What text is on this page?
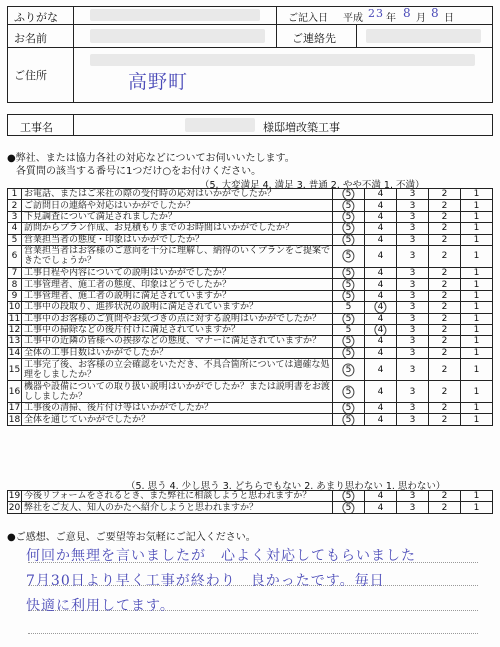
ふりがな	ご記入日 平成 23 年 8 月 8 日
お名前	ご連絡先
ご住所	高野町
工事名	様邸増改築工事
●弊社、または協力各社の対応などについてお伺いいたします。
各質問の該当する番号に1つだけ○をお付けください。
（5. 大変満足 4. 満足 3. 普通 2. やや不満 1. 不満）
1	お電話、またはご来社の際の受付時の応対はいかがでしたか？	5	4	3	2	1
2	ご訪問日の連絡や対応はいかがでしたか？	5	4	3	2	1
3	下見調査について満足されましたか？	5	4	3	2	1
4	訪問からプラン作成、お見積もりまでのお時間はいかがでしたか？	5	4	3	2	1
5	営業担当者の態度・印象はいかがでしたか？	5	4	3	2	1
6	営業担当者はお客様のご意向を十分に理解し、納得のいくプランをご提案できたでしょうか？	5	4	3	2	1
7	工事日程や内容についての説明はいかがでしたか？	5	4	3	2	1
8	工事管理者、施工者の態度、印象はどうでしたか？	5	4	3	2	1
9	工事管理者、施工者の説明に満足されていますか？	5	4	3	2	1
10	工事中の段取り、進捗状況の説明に満足されていますか？	5	4	3	2	1
11	工事中のお客様のご質問やお気づきの点に対する説明はいかがでしたか？	5	4	3	2	1
12	工事中の掃除などの後片付けに満足されていますか？	5	4	3	2	1
13	工事中の近隣の皆様への挨拶などの態度、マナーに満足されていますか？	5	4	3	2	1
14	全体の工事日数はいかがでしたか？	5	4	3	2	1
15	工事完了後、お客様の立会確認をいただき、不具合箇所については適確な処理をしましたか？	5	4	3	2	1
16	機器や設備についての取り扱い説明はいかがでしたか？または説明書をお渡ししましたか？	5	4	3	2	1
17	工事後の清掃、後片付け等はいかがでしたか？	5	4	3	2	1
18	全体を通じていかがでしたか？	5	4	3	2	1
（5. 思う 4. 少し思う 3. どちらでもない 2. あまり思わない 1. 思わない）
19	今後リフォームをされるとき、また弊社に相談しようと思われますか？	5	4	3	2	1
20	弊社をご友人、知人のかたへ紹介しようと思われますか？	5	4	3	2	1
●ご感想、ご意見、ご要望等お気軽にご記入ください。
何回か無理を言いましたが　心よく対応してもらいました
7月30日より早く工事が終わり　良かったです。毎日
快適に利用してます。
